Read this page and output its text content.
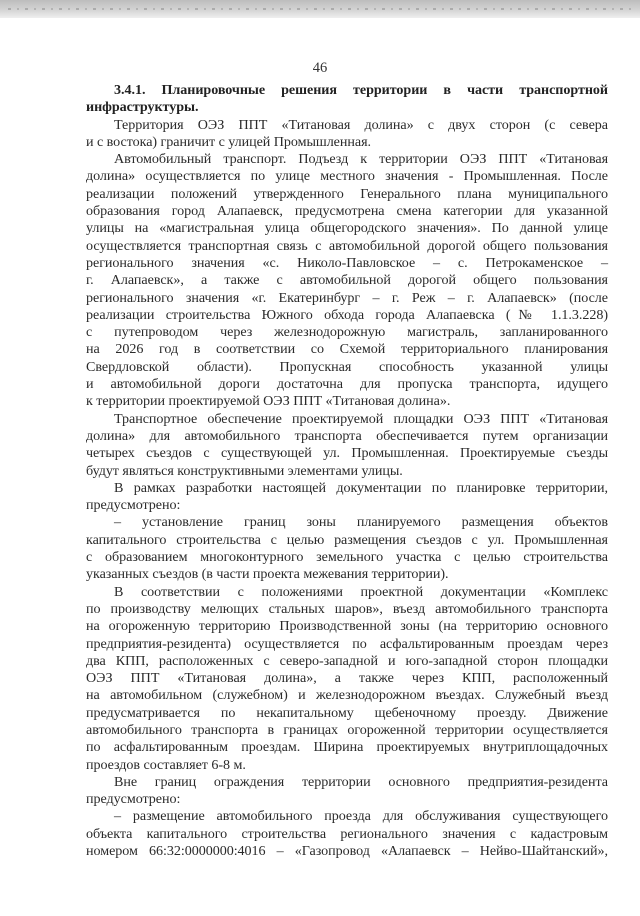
46
3.4.1. Планировочные решения территории в части транспортной
инфраструктуры.
Территория ОЭЗ ППТ «Титановая долина» с двух сторон (с севера
и с востока) граничит с улицей Промышленная.
Автомобильный транспорт. Подъезд к территории ОЭЗ ППТ «Титановая
долина» осуществляется по улице местного значения - Промышленная. После
реализации положений утвержденного Генерального плана муниципального
образования город Алапаевск, предусмотрена смена категории для указанной
улицы на «магистральная улица общегородского значения». По данной улице
осуществляется транспортная связь с автомобильной дорогой общего пользования
регионального значения «с. Николо-Павловское – с. Петрокаменское –
г. Алапаевск», а также с автомобильной дорогой общего пользования
регионального значения «г. Екатеринбург – г. Реж – г. Алапаевск» (после
реализации строительства Южного обхода города Алапаевска (№ 1.1.3.228)
с путепроводом через железнодорожную магистраль, запланированного
на 2026 год в соответствии со Схемой территориального планирования
Свердловской области). Пропускная способность указанной улицы
и автомобильной дороги достаточна для пропуска транспорта, идущего
к территории проектируемой ОЭЗ ППТ «Титановая долина».
Транспортное обеспечение проектируемой площадки ОЭЗ ППТ «Титановая
долина» для автомобильного транспорта обеспечивается путем организации
четырех съездов с существующей ул. Промышленная. Проектируемые съезды
будут являться конструктивными элементами улицы.
В рамках разработки настоящей документации по планировке территории,
предусмотрено:
– установление границ зоны планируемого размещения объектов
капитального строительства с целью размещения съездов с ул. Промышленная
с образованием многоконтурного земельного участка с целью строительства
указанных съездов (в части проекта межевания территории).
В соответствии с положениями проектной документации «Комплекс
по производству мелющих стальных шаров», въезд автомобильного транспорта
на огороженную территорию Производственной зоны (на территорию основного
предприятия-резидента) осуществляется по асфальтированным проездам через
два КПП, расположенных с северо-западной и юго-западной сторон площадки
ОЭЗ ППТ «Титановая долина», а также через КПП, расположенный
на автомобильном (служебном) и железнодорожном въездах. Служебный въезд
предусматривается по некапитальному щебеночному проезду. Движение
автомобильного транспорта в границах огороженной территории осуществляется
по асфальтированным проездам. Ширина проектируемых внутриплощадочных
проездов составляет 6-8 м.
Вне границ ограждения территории основного предприятия-резидента
предусмотрено:
– размещение автомобильного проезда для обслуживания существующего
объекта капитального строительства регионального значения с кадастровым
номером 66:32:0000000:4016 – «Газопровод «Алапаевск – Нейво-Шайтанский»,
